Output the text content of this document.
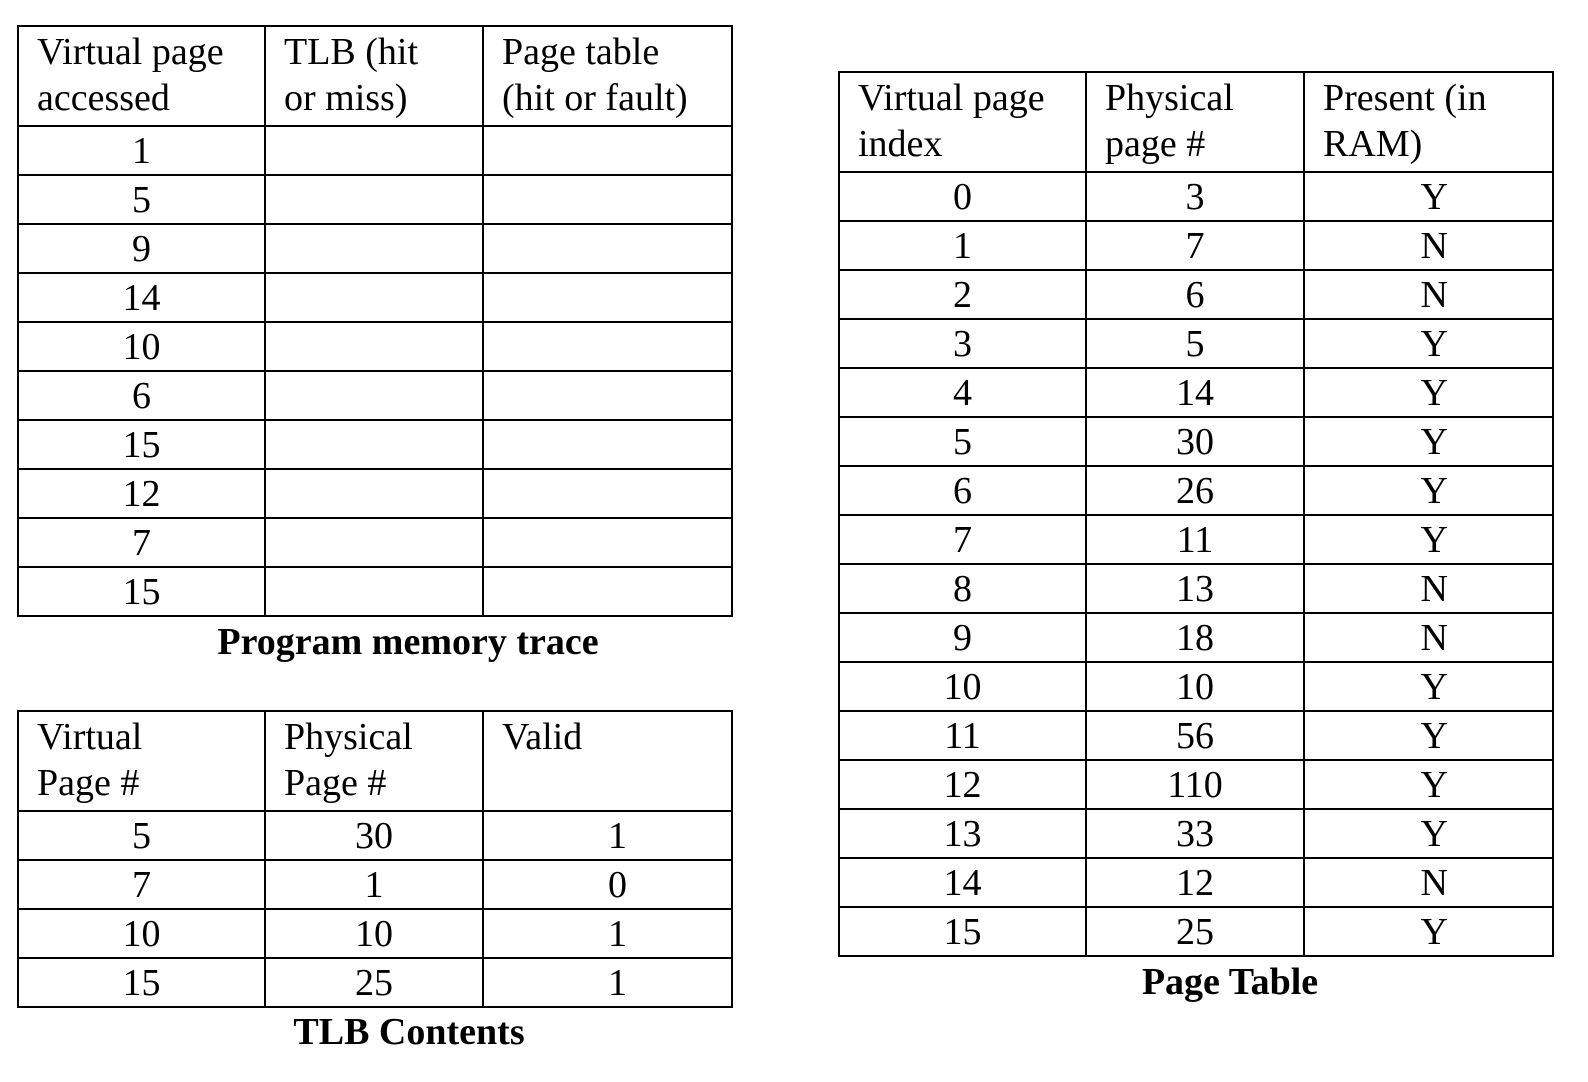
Virtual page
accessed	TLB (hit
or miss)	Page table
(hit or fault)

1		
5		
9		
14		
10		
6		
15		
12		
7		
15		
Program memory trace
Virtual
Page #	Physical
Page #	Valid

5	30	1
7	1	0
10	10	1
15	25	1
TLB Contents
Virtual page
index	Physical
page #	Present (in
RAM)

0	3	Y
1	7	N
2	6	N
3	5	Y
4	14	Y
5	30	Y
6	26	Y
7	11	Y
8	13	N
9	18	N
10	10	Y
11	56	Y
12	110	Y
13	33	Y
14	12	N
15	25	Y
Page Table
